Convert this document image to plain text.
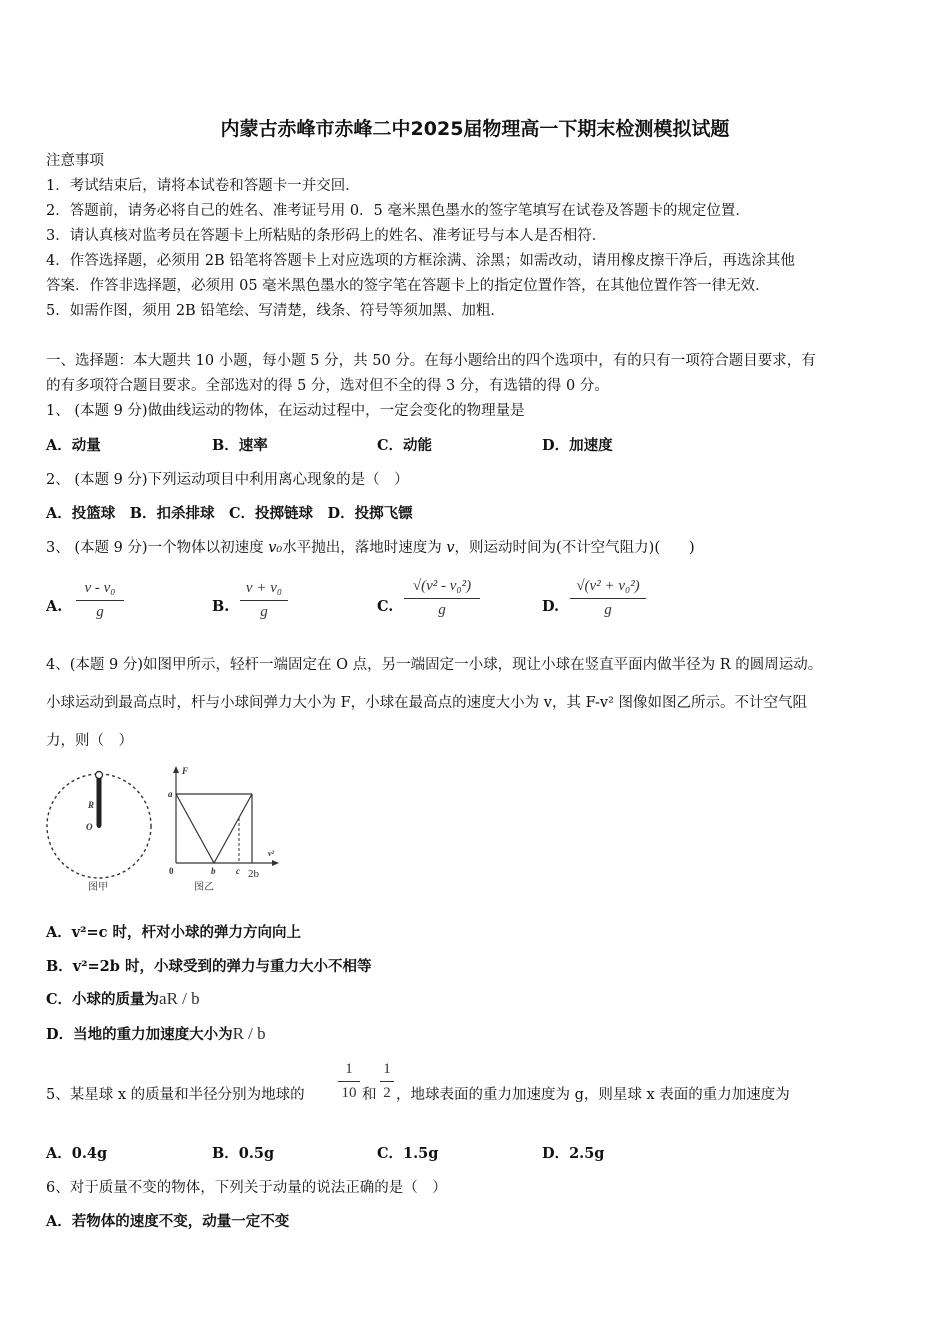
内蒙古赤峰市赤峰二中2025届物理高一下期末检测模拟试题
注意事项
1．考试结束后，请将本试卷和答题卡一并交回．
2．答题前，请务必将自己的姓名、准考证号用 0．5 毫米黑色墨水的签字笔填写在试卷及答题卡的规定位置．
3．请认真核对监考员在答题卡上所粘贴的条形码上的姓名、准考证号与本人是否相符．
4．作答选择题，必须用 2B 铅笔将答题卡上对应选项的方框涂满、涂黑；如需改动，请用橡皮擦干净后，再选涂其他
答案．作答非选择题，必须用 05 毫米黑色墨水的签字笔在答题卡上的指定位置作答，在其他位置作答一律无效．
5．如需作图，须用 2B 铅笔绘、写清楚，线条、符号等须加黑、加粗．
一、选择题：本大题共 10 小题，每小题 5 分，共 50 分。在每小题给出的四个选项中，有的只有一项符合题目要求，有
的有多项符合题目要求。全部选对的得 5 分，选对但不全的得 3 分，有选错的得 0 分。
1、 (本题 9 分)做曲线运动的物体，在运动过程中，一定会变化的物理量是
A．动量	B．速率	C．动能	D．加速度
2、 (本题 9 分)下列运动项目中利用离心现象的是（　）
A．投篮球　B．扣杀排球　C．投掷链球　D．投掷飞镖
3、 (本题 9 分)一个物体以初速度 v₀水平抛出，落地时速度为 v，则运动时间为(不计空气阻力)(　　)
A.
v - v₀
g	B.
v + v₀
g	C.
√(v² - v₀²)
g	D.
√(v² + v₀²)
g
4、(本题 9 分)如图甲所示，轻杆一端固定在 O 点，另一端固定一小球，现让小球在竖直平面内做半径为 R 的圆周运动。
小球运动到最高点时，杆与小球间弹力大小为 F，小球在最高点的速度大小为 v，其 F-v² 图像如图乙所示。不计空气阻
力，则（　）
R
O
图甲
F
a
0	b c 2b
v²
图乙
A．v²=c 时，杆对小球的弹力方向向上
B．v²=2b 时，小球受到的弹力与重力大小不相等
C．小球的质量为aR / b
D．当地的重力加速度大小为R / b
5、某星球 x 的质量和半径分别为地球的
1
10 和
1
2 ，地球表面的重力加速度为 g，则星球 x 表面的重力加速度为
A．0.4g	B．0.5g	C．1.5g	D．2.5g
6、对于质量不变的物体，下列关于动量的说法正确的是（　）
A．若物体的速度不变，动量一定不变
